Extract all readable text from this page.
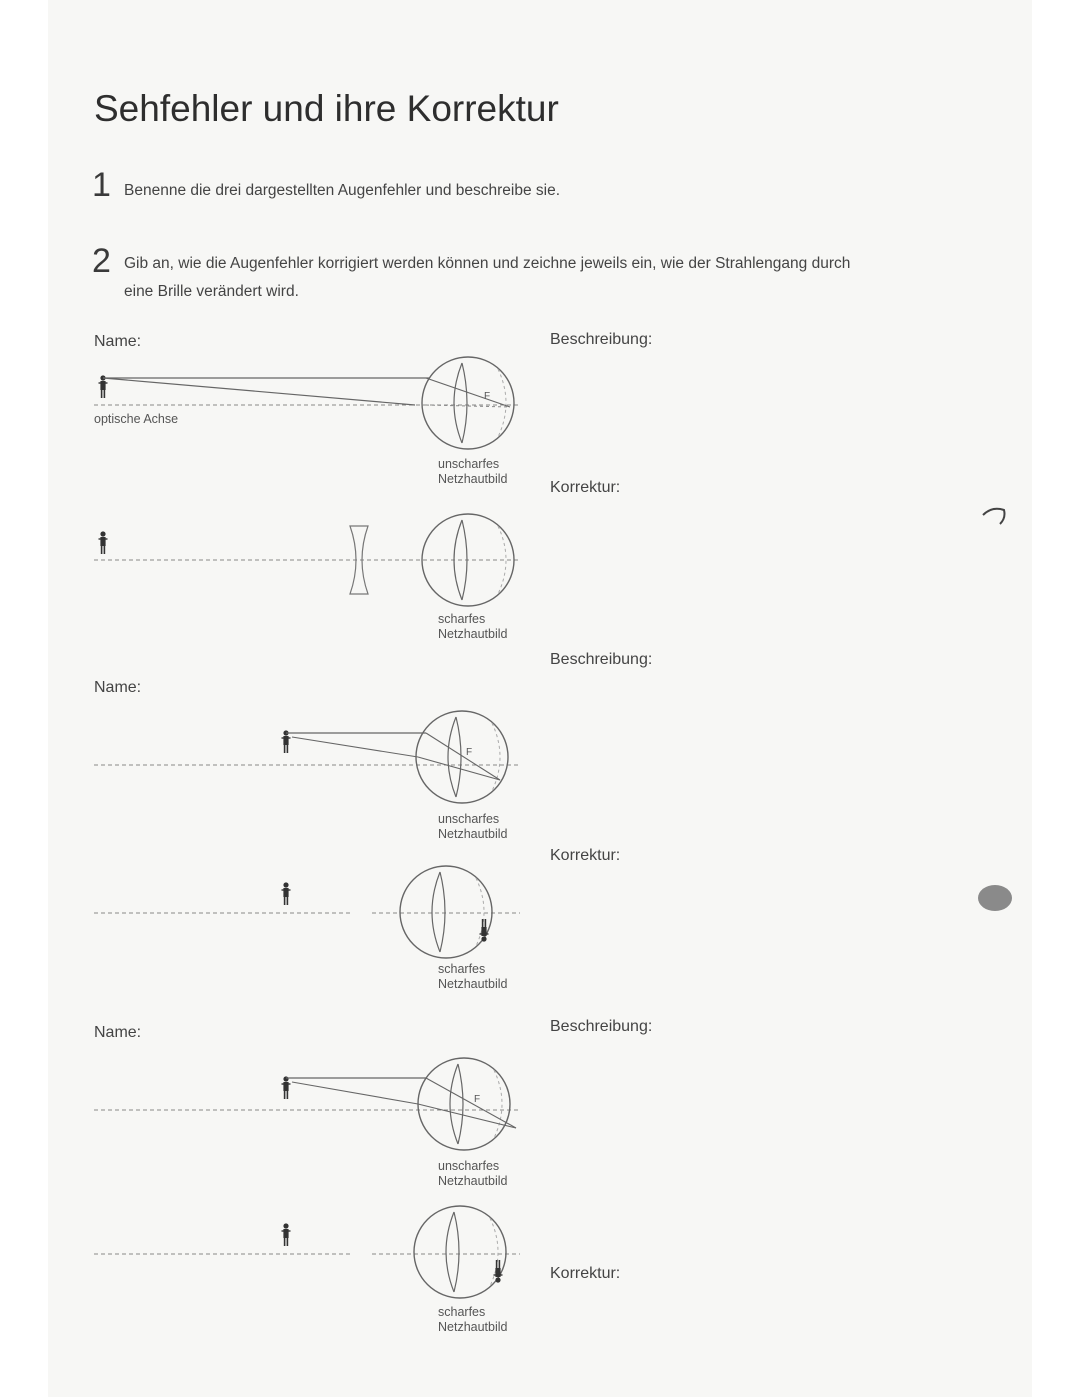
Sehfehler und ihre Korrektur
1 Benenne die drei dargestellten Augenfehler und beschreibe sie.
2 Gib an, wie die Augenfehler korrigiert werden können und zeichne jeweils ein, wie der Strahlengang durch
eine Brille verändert wird.
Name:	Beschreibung:
optische Achse
unscharfes
Netzhautbild	Korrektur:
scharfes
Netzhautbild
Beschreibung:
Name:
unscharfes
Netzhautbild
Korrektur:
scharfes
Netzhautbild
Beschreibung:
Name:
unscharfes
Netzhautbild
Korrektur:
scharfes
Netzhautbild
F
F
F
